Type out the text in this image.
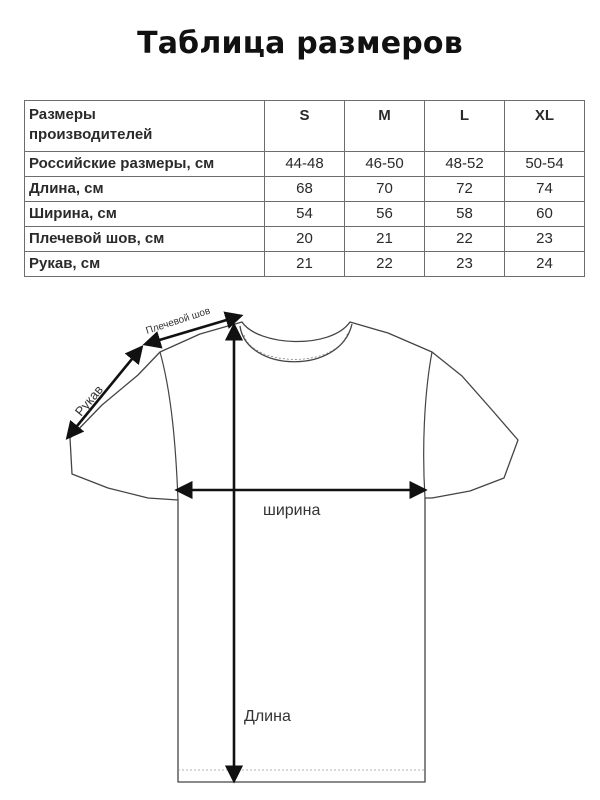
Таблица размеров
Размеры
производителей	S	M	L	XL
Российские размеры, см	44-48	46-50	48-52	50-54
Длина, см	68	70	72	74
Ширина, см	54	56	58	60
Плечевой шов, см	20	21	22	23
Рукав, см	21	22	23	24
Плечевой шов
Рукав
ширина
Длина
